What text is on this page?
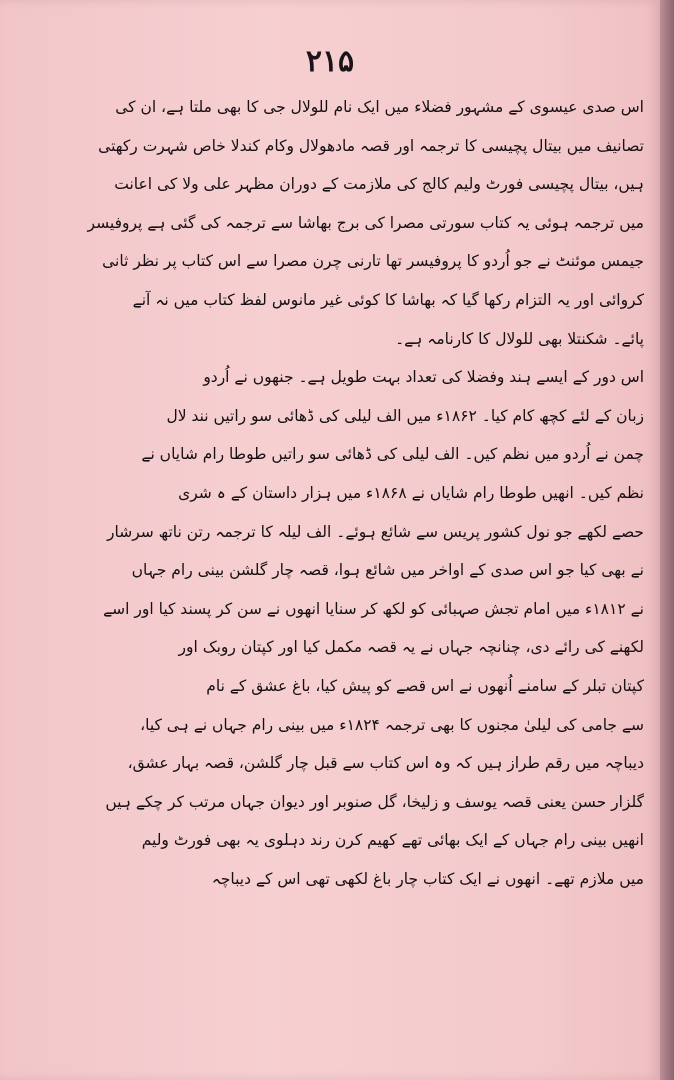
۲۱۵
اس صدی عیسوی کے مشہور فضلاء میں ایک نام للولال جی کا بھی ملتا ہے، ان کی
تصانیف میں بیتال پچیسی کا ترجمہ اور قصہ مادھولال وکام کندلا خاص شہرت رکھتی
ہیں، بیتال پچیسی فورٹ ولیم کالج کی ملازمت کے دوران مظہر علی ولا کی اعانت
میں ترجمہ ہوئی یہ کتاب سورتی مصرا کی برج بھاشا سے ترجمہ کی گئی ہے پروفیسر
جیمس موئنٹ نے جو اُردو کا پروفیسر تھا تارنی چرن مصرا سے اس کتاب پر نظر ثانی
کروائی اور یہ التزام رکھا گیا کہ بھاشا کا کوئی غیر مانوس لفظ کتاب میں نہ آنے
پائے۔ شکنتلا بھی للولال کا کارنامہ ہے۔
اس دور کے ایسے ہند وفضلا کی تعداد بہت طویل ہے۔ جنھوں نے اُردو
زبان کے لئے کچھ کام کیا۔ ۱۸۶۲ء میں الف لیلی کی ڈھائی سو راتیں نند لال
چمن نے اُردو میں نظم کیں۔ الف لیلی کی ڈھائی سو راتیں طوطا رام شایاں نے
نظم کیں۔ انھیں طوطا رام شایاں نے ۱۸۶۸ء میں ہزار داستان کے ہ شری
حصے لکھے جو نول کشور پریس سے شائع ہوئے۔ الف لیلہ کا ترجمہ رتن ناتھ سرشار
نے بھی کیا جو اس صدی کے اواخر میں شائع ہوا، قصہ چار گلشن بینی رام جہاں
نے ۱۸۱۲ء میں امام تجش صہبائی کو لکھ کر سنایا انھوں نے سن کر پسند کیا اور اسے
لکھنے کی رائے دی، چنانچہ جہاں نے یہ قصہ مکمل کیا اور کپتان روبک اور
کپتان تبلر کے سامنے اُنھوں نے اس قصے کو پیش کیا، باغ عشق کے نام
سے جامی کی لیلیٰ مجنوں کا بھی ترجمہ ۱۸۲۴ء میں بینی رام جہاں نے ہی کیا،
دیباچہ میں رقم طراز ہیں کہ وہ اس کتاب سے قبل چار گلشن، قصہ بہار عشق،
گلزار حسن یعنی قصہ یوسف و زلیخا، گل صنوبر اور دیوان جہاں مرتب کر چکے ہیں
انھیں بینی رام جہاں کے ایک بھائی تھے کھیم کرن رند دہلوی یہ بھی فورٹ ولیم
میں ملازم تھے۔ انھوں نے ایک کتاب چار باغ لکھی تھی اس کے دیباچہ
